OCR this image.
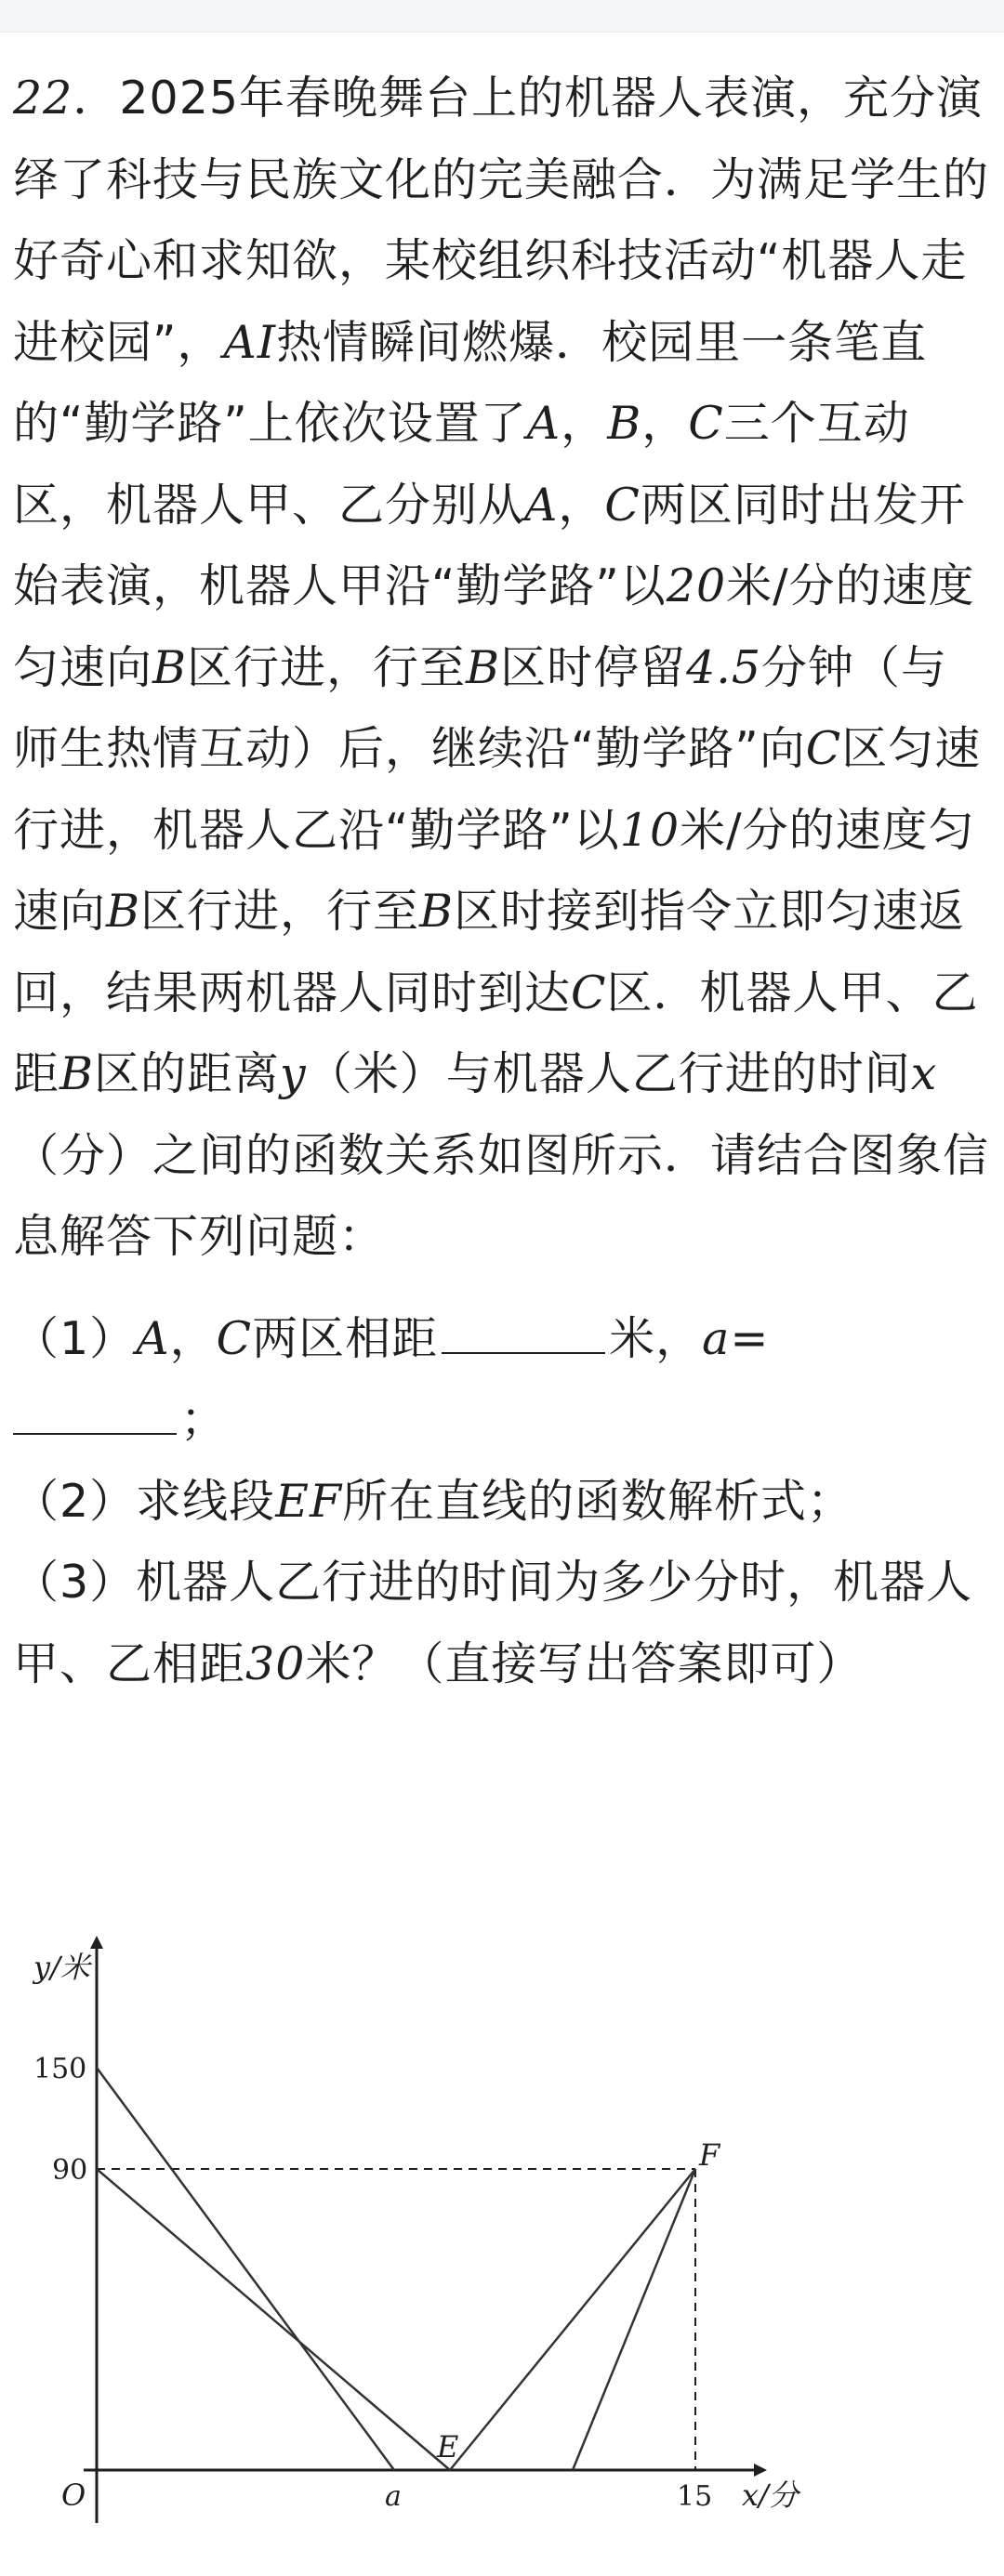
22．2025年春晚舞台上的机器人表演，充分演绎了科技与民族文化的完美融合．为满足学生的好奇心和求知欲，某校组织科技活动“机器人走进校园”，AI热情瞬间燃爆．校园里一条笔直的“勤学路”上依次设置了A，B，C三个互动区，机器人甲、乙分别从A，C两区同时出发开始表演，机器人甲沿“勤学路”以20米/分的速度匀速向B区行进，行至B区时停留4.5分钟（与师生热情互动）后，继续沿“勤学路”向C区匀速行进，机器人乙沿“勤学路”以10米/分的速度匀速向B区行进，行至B区时接到指令立即匀速返回，结果两机器人同时到达C区．机器人甲、乙距B区的距离y（米）与机器人乙行进的时间x（分）之间的函数关系如图所示．请结合图象信息解答下列问题：

（1）A，C两区相距	米，a=
；

（2）求线段EF所在直线的函数解析式；

（3）机器人乙行进的时间为多少分时，机器人甲、乙相距30米？（直接写出答案即可）

y/米
150
90
O	a	15 x/分
E
F
